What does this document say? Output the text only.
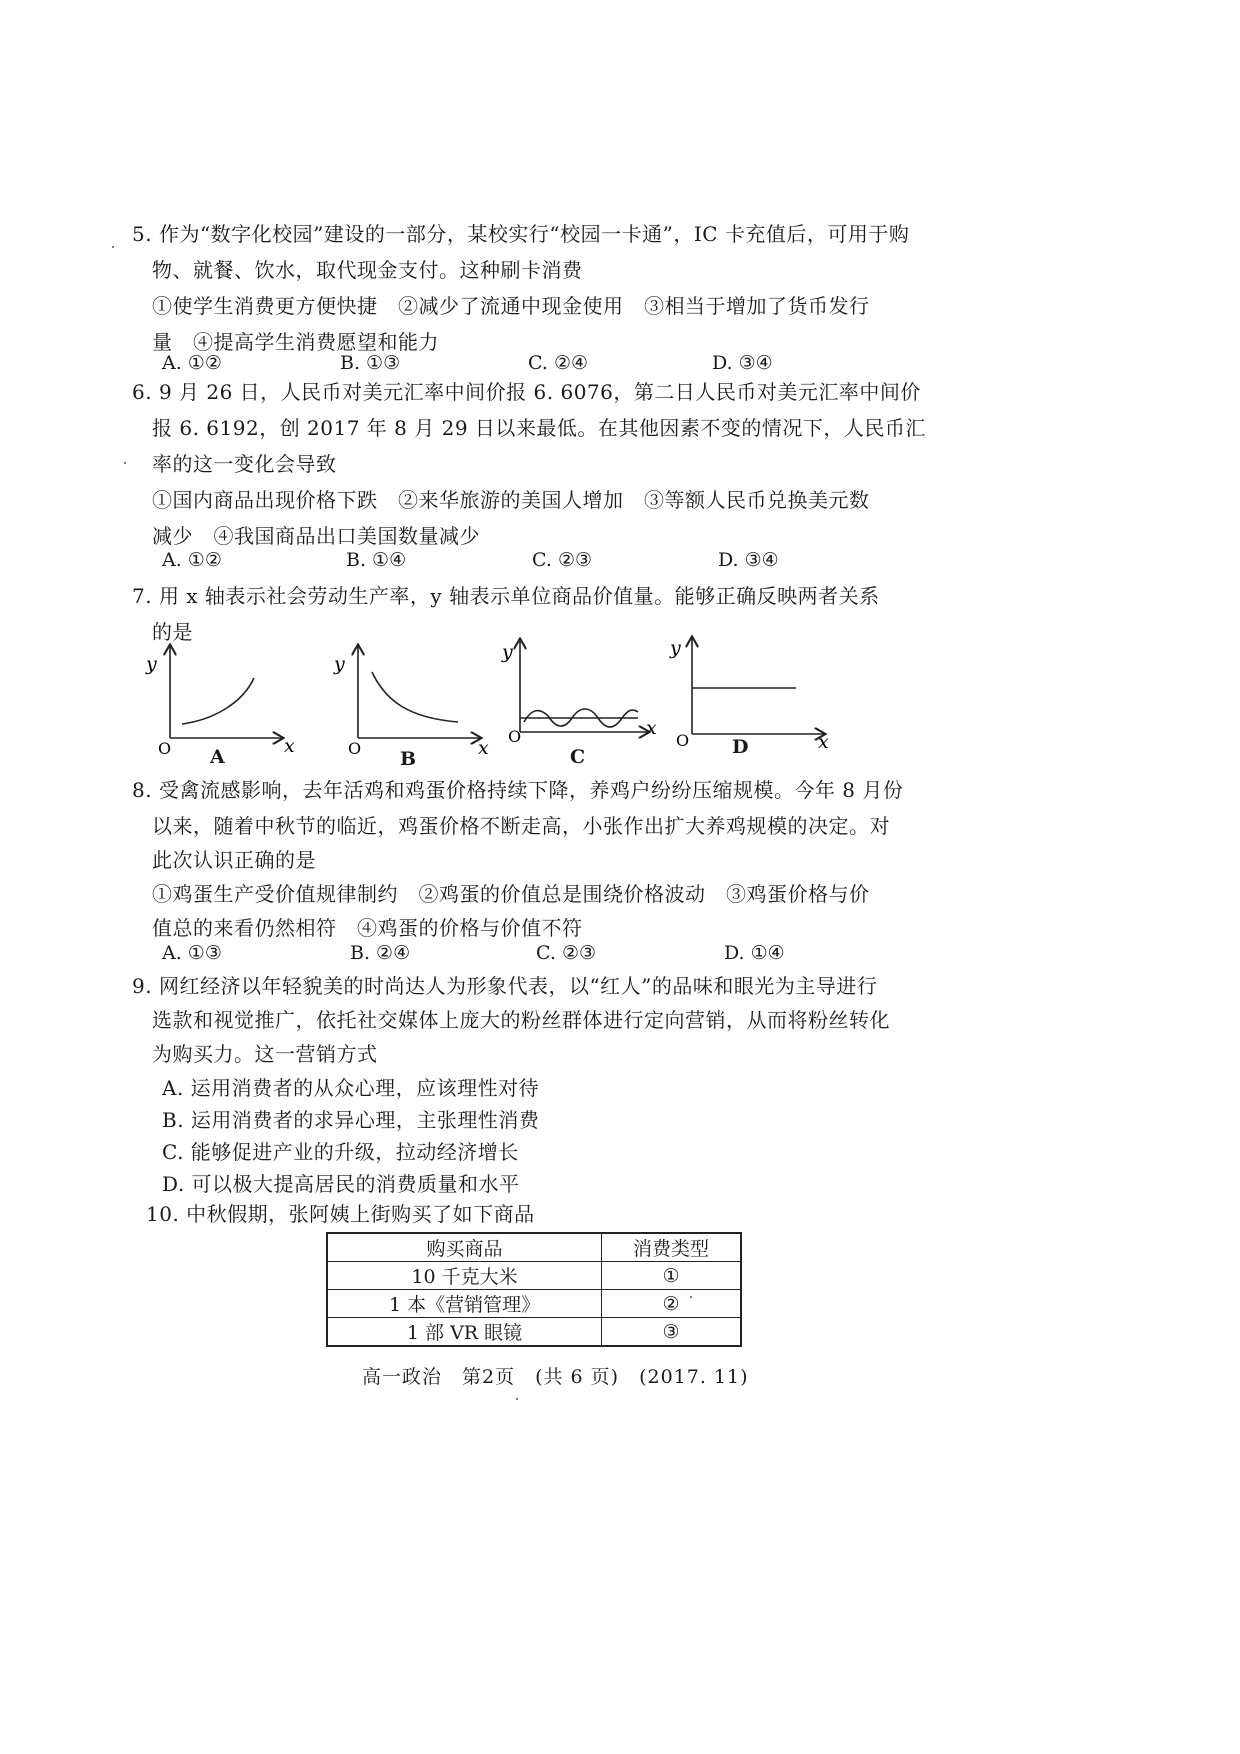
5. 作为“数字化校园”建设的一部分，某校实行“校园一卡通”，IC 卡充值后，可用于购
物、就餐、饮水，取代现金支付。这种刷卡消费
①使学生消费更方便快捷　②减少了流通中现金使用　③相当于增加了货币发行
量　④提高学生消费愿望和能力
A. ①②	B. ①③	C. ②④	D. ③④
6. 9 月 26 日，人民币对美元汇率中间价报 6. 6076，第二日人民币对美元汇率中间价
报 6. 6192，创 2017 年 8 月 29 日以来最低。在其他因素不变的情况下，人民币汇
率的这一变化会导致
①国内商品出现价格下跌　②来华旅游的美国人增加　③等额人民币兑换美元数
减少　④我国商品出口美国数量减少
A. ①②	B. ①④	C. ②③	D. ③④
7. 用 x 轴表示社会劳动生产率，y 轴表示单位商品价值量。能够正确反映两者关系
的是
y
x
O A
y
x
O B
y
x
O
C
y
x
O D
8. 受禽流感影响，去年活鸡和鸡蛋价格持续下降，养鸡户纷纷压缩规模。今年 8 月份
以来，随着中秋节的临近，鸡蛋价格不断走高，小张作出扩大养鸡规模的决定。对
此次认识正确的是
①鸡蛋生产受价值规律制约　②鸡蛋的价值总是围绕价格波动　③鸡蛋价格与价
值总的来看仍然相符　④鸡蛋的价格与价值不符
A. ①③	B. ②④	C. ②③	D. ①④
9. 网红经济以年轻貌美的时尚达人为形象代表，以“红人”的品味和眼光为主导进行
选款和视觉推广，依托社交媒体上庞大的粉丝群体进行定向营销，从而将粉丝转化
为购买力。这一营销方式
A. 运用消费者的从众心理，应该理性对待
B. 运用消费者的求异心理，主张理性消费
C. 能够促进产业的升级，拉动经济增长
D. 可以极大提高居民的消费质量和水平
10. 中秋假期，张阿姨上街购买了如下商品
购买商品	消费类型
10 千克大米	①
1 本《营销管理》	②
1 部 VR 眼镜	③
高一政治　第2页　(共 6 页)　(2017. 11)
